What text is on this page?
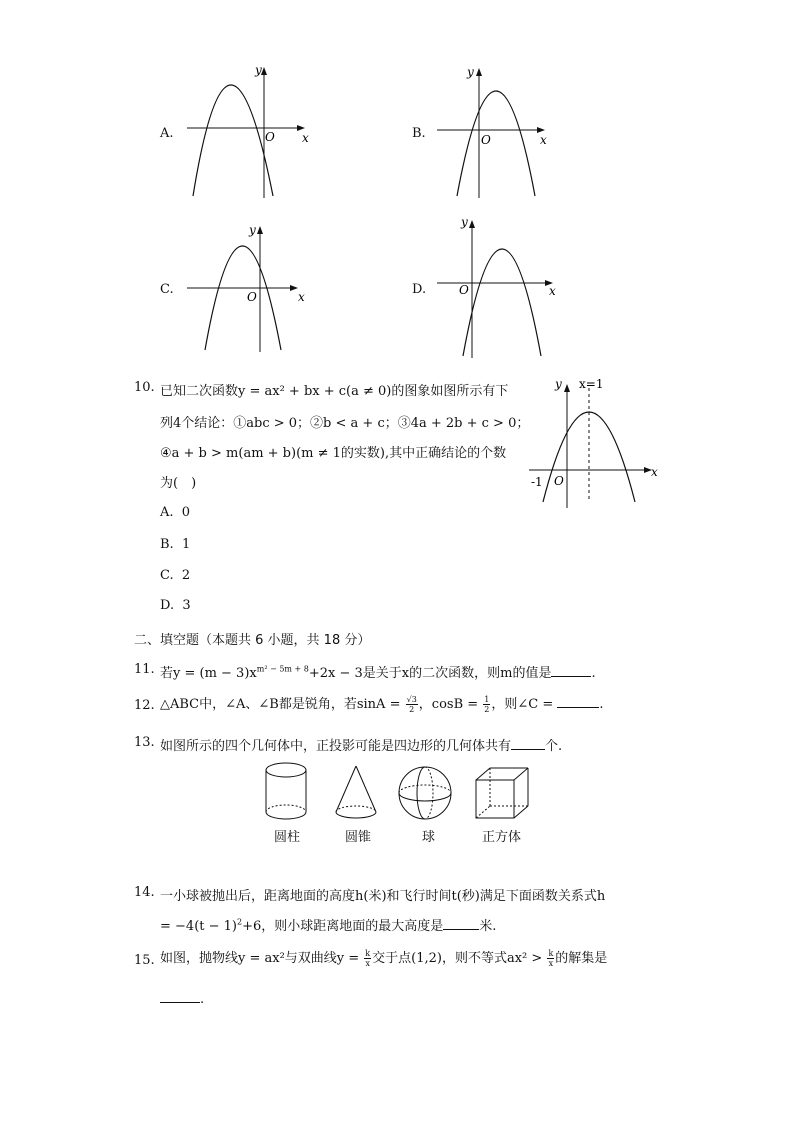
A.
y
x
O	B.
y
x
O
C.
y
x
O	D.
y
x
O
10. 已知二次函数y = ax² + bx + c(a ≠ 0)的图象如图所示有下
列4个结论：①abc > 0；②b < a + c；③4a + 2b + c > 0；
④a + b > m(am + b)(m ≠ 1的实数),其中正确结论的个数
为(　)
y x=1
x
-1 O
A. 0
B. 1
C. 2
D. 3
二、填空题（本题共 6 小题，共 18 分）
11. 若$y = (m - 3)x^{m^2 - 5m + 8}+2x - 3$是关于x的二次函数，则m的值是	.
12. △ABC中，∠A、∠B都是锐角，若$\sin A = \frac{√3}{2}$ ，$\cos B = \frac{1}{2}$ ，则∠C =	.
13. 如图所示的四个几何体中，正投影可能是四边形的几何体共有	个.
圆柱	圆锥	球	正方体
14. 一小球被抛出后，距离地面的高度h(米)和飞行时间t(秒)满足下面函数关系式h
= $-4(t - 1)^2+6$，则小球距离地面的最大高度是	米.
15. 如图，抛物线y = ax²与双曲线$y = \frac{k}{x}$ 交于点(1,2)，则不等式$ax^2 > \frac{k}{x}$ 的解集是
.
